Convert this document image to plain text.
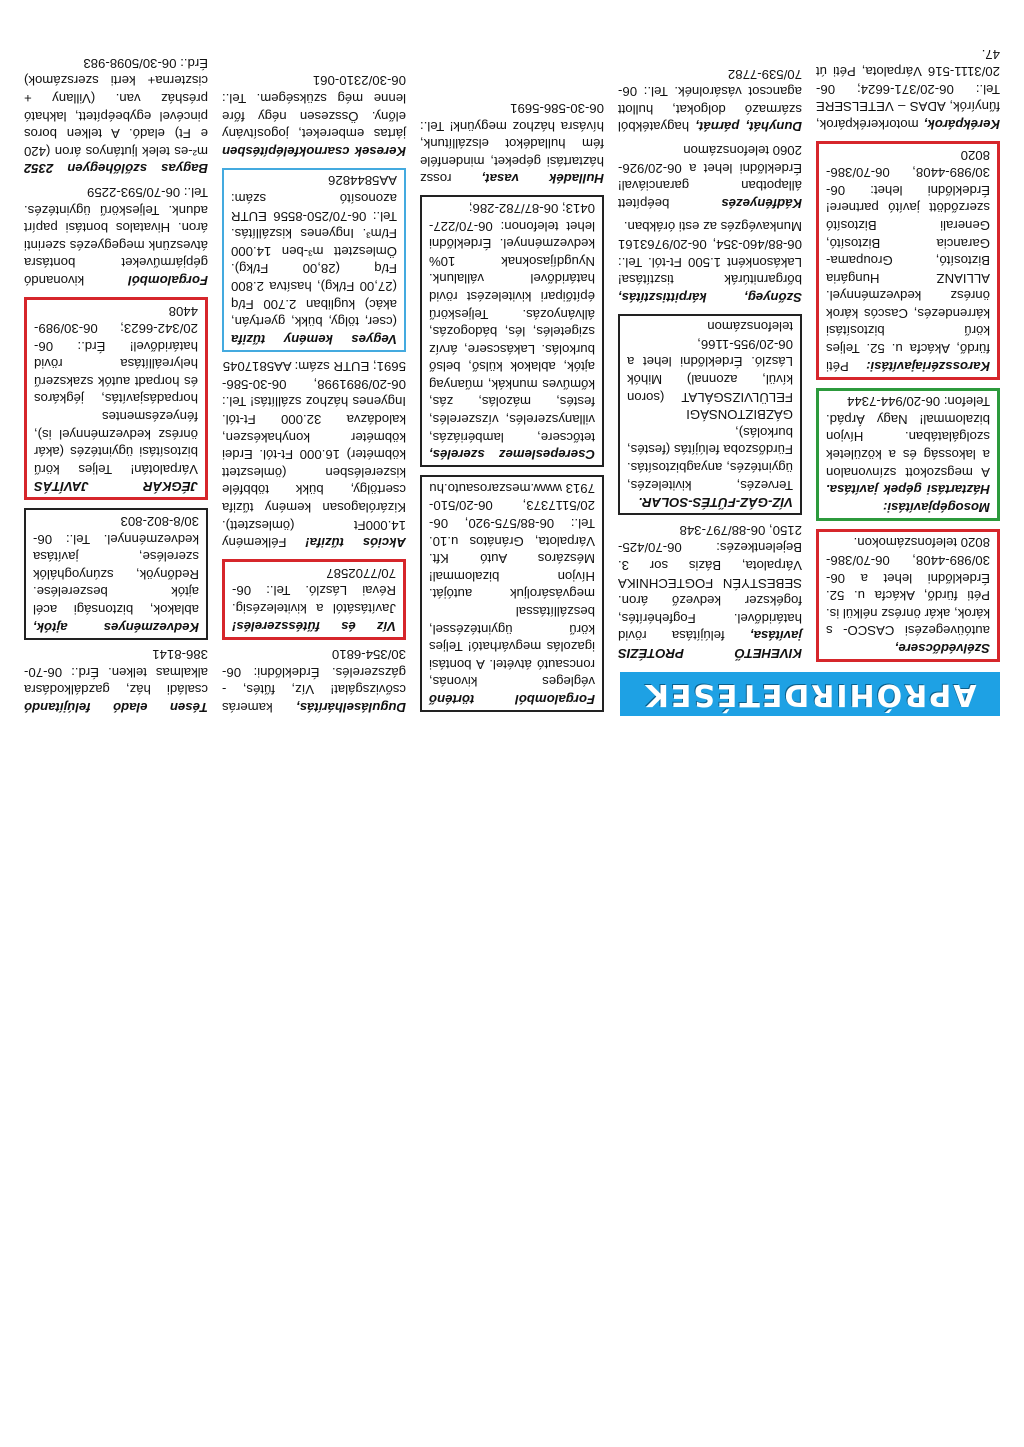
APRÓHIRDETÉSEK
Szélvédőcsere, autóüvegezési CASCO- s károk, akár önrész nélkül is. Péti fürdő, Akácfa u. 52. Érdeklődni lehet a 06-30/989-4408, 06-70/386-8020 telefonszámokon.
Mosogépjavítási: Háztartási gépek javítása. A megszokott színvonalon a lakosság és a közületek szolgálatában. Hívjon bizalommal! Nagy Árpád. Telefon: 06-20/944-7344
Karosszériajavítási: Péti fürdő, Akácfa u. 52. Teljes körű biztosítási kárrendezés, Cascós károk önrész kedvezménnyel. ALLIANZ Hungária Biztosító, Groupama-Garancia Biztosító, Generali Biztosító szerződött javító partnere! Érdeklődni lehet: 06-30/989-4408, 06-70/386-8020
Kerékpárok, motorkerékpárok, fűnyírók, ADAS – VETELSERE Tel.: 06-20/371-6624; 06-20/3111-516 Várpalota, Péti út 47.
KIVEHETŐ PROTÉZIS javítása, felújítása rövid határidővel. Fogfehérítés, fogékszer kedvező áron. SEBESTYÉN FOGTECHNIKA Várpalota, Bázis sor 3. Bejelentkezés: 06-70/425-2150, 06-88/797-348
VÍZ-GÁZ-FŰTÉS-SOLAR. Tervezés, kivitelezés, ügyintézés, anyagbiztosítás. Fürdőszoba felújítás (festés, burkolás), GÁZBIZTONSÁGI FELÜLVIZSGÁLAT (soron kívül, azonnal) Mihók László. Érdeklődni lehet a 06-20/955-1166, telefonszámon
Szőnyeg, kárpittisztítás, bőrgarnitúrák tisztítása! Lakásonként 1.500 Ft-tól. Tel.: 06-88/460-354, 06-20/9763161 Munkavégzés az esti órákban.
Kádfényezés beépített állapotban garanciával! Érdeklődni lehet a 06-20/926-2060 telefonszámon
Dunyhát, párnát, hagyatékból származó dolgokat, hullott agancsot vásárolnék. Tel.: 06-70/539-7782
Forgalomból történő végleges kivonás, roncsautó átvétel. A bontási igazolás megvárható! Teljes körű ügyintézéssel, beszállítással megvásároljuk autóját. Hívjon bizalommal! Mészáros Autó Kft. Várpalota, Gránátos u.10. Tel.: 06-88/575-920, 06-20/5117373, 06-20/510-7913 www.meszarosauto.hu
Cserepeslemez szerelés, tetőcsere, lambériázás, villanyszerelés, vízszerelés, festés, mázolás, zás, kőműves munkák, műanyag ajtók, ablakok külső, belső burkolás. Lakáscsere, árvíz szigetelés, lés, bádogozás, állványozás. Teljeskörű építőipari kivitelezést rövid határidővel vállalunk. Nyugdíjasoknak 10% kedvezménnyel. Érdeklődni lehet telefonon: 06-70/227-0413; 06-87/782-286;
Hulladék vasat, rossz háztartási gépeket, mindenféle fém hulladékot elszállítunk, hívásra házhoz megyünk! Tel.: 06-30-586-5691
Duguláselhárítás, kamerás csővizsgálat! Víz, fűtés, - gázszerelés. Érdeklődni: 06-30/354-6810
Víz és fűtésszerelés! Javításától a kivitelezésig. Révai László. Tel.: 06-70/7702587
Akciós tűzifa! Félkemény 14.000Ft (ömlesztett). Kizárólagosan kemény tűzifa csertölgy, bükk többféle kiszerelésben (ömlesztett köbméter) 16.000 Ft-tól. Erdei köbméter konyhakészen, kalodázva 32.000 Ft-tól. Ingyenes házhoz szállítás! Tel.: 06-20/9891998, 06-30-586-5691; EUTR szám: AA5817045
Vegyes kemény tűzifa (cser, tölgy, bükk, gyertyán, akác) kugliban 2.700 Ft/q (27,00 Ft/kg), hasítva 2.800 Ft/q (28,00 Ft/kg). Ömlesztett m³-ben 14.000 Ft/m³. Ingyenes kiszállítás. Tel.: 06-70/250-8556 EUTR azonosító szám: AA5844826
Keresek csarnokfelépítésben jártas embereket, jogosítvány előny. Összesen négy főre lenne még szükségem. Tel.: 06-30/2310-061
Tésen eladó felújítandó családi ház, gazdálkodásra alkalmas telken. Érd.: 06-70-386-8141
Kedvezményes ajtók, ablakok, biztonsági acél ajtók beszerelése. Redőnyök, szúnyoghálók szerelése, javítása kedvezménnyel. Tel.: 06-30/8-802-803
JÉGKÁR JAVÍTÁS Várpalotán! Teljes körű biztosítási ügyintézés (akár önrész kedvezménnyel is), fényezésmentes horpadásjavítás, jégkáros és horpadt autók szakszerű helyreállítása rövid határidővel! Érd.: 06-20/342-6623; 06-30/989-4408
Forgalomból kivonandó gépjárműveket bontásra átveszünk megegyezés szerinti áron. Hivatalos bontási papírt adunk. Teljeskörű ügyintézés. Tel.: 06-70/593-2259
Bagyas szőlőhegyen 2352 m²-es telek ljutányos áron (420 e Ft) eladó. A telken boros pincével egybeépített, lakható présház van. (Villany + ciszterna+ kerti szerszámok) Érd.: 06-30/5098-983
